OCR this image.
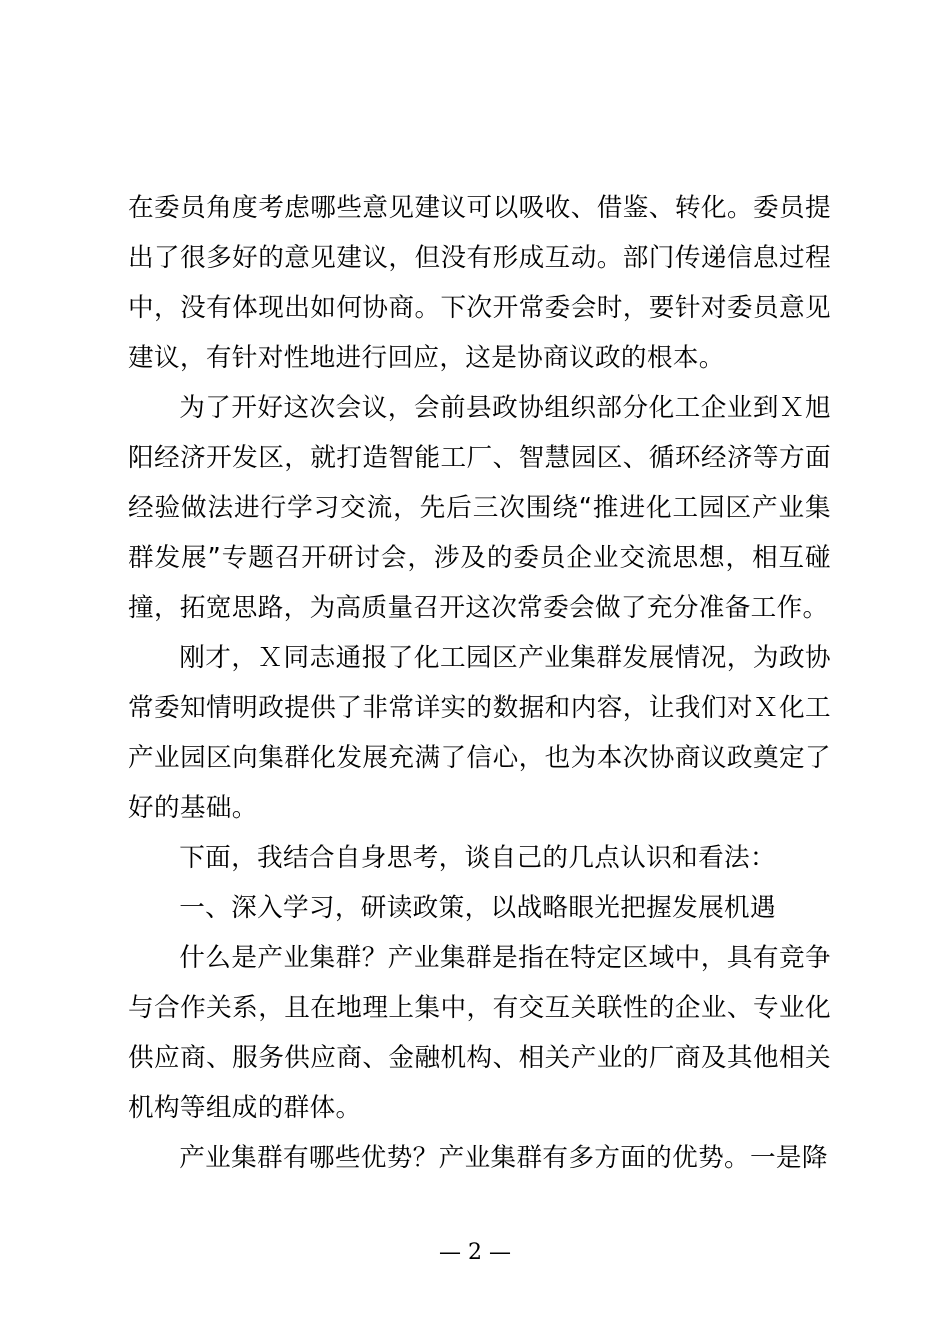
在委员角度考虑哪些意见建议可以吸收、借鉴、转化。委员提出了很多好的意见建议，但没有形成互动。部门传递信息过程中，没有体现出如何协商。下次开常委会时，要针对委员意见建议，有针对性地进行回应，这是协商议政的根本。

为了开好这次会议，会前县政协组织部分化工企业到Ｘ旭阳经济开发区，就打造智能工厂、智慧园区、循环经济等方面经验做法进行学习交流，先后三次围绕“推进化工园区产业集群发展”专题召开研讨会，涉及的委员企业交流思想，相互碰撞，拓宽思路，为高质量召开这次常委会做了充分准备工作。

刚才，Ｘ同志通报了化工园区产业集群发展情况，为政协常委知情明政提供了非常详实的数据和内容，让我们对Ｘ化工产业园区向集群化发展充满了信心，也为本次协商议政奠定了好的基础。

下面，我结合自身思考，谈自己的几点认识和看法：

一、深入学习，研读政策，以战略眼光把握发展机遇

什么是产业集群？产业集群是指在特定区域中，具有竞争与合作关系，且在地理上集中，有交互关联性的企业、专业化供应商、服务供应商、金融机构、相关产业的厂商及其他相关机构等组成的群体。

产业集群有哪些优势？产业集群有多方面的优势。一是降

— 2 —
